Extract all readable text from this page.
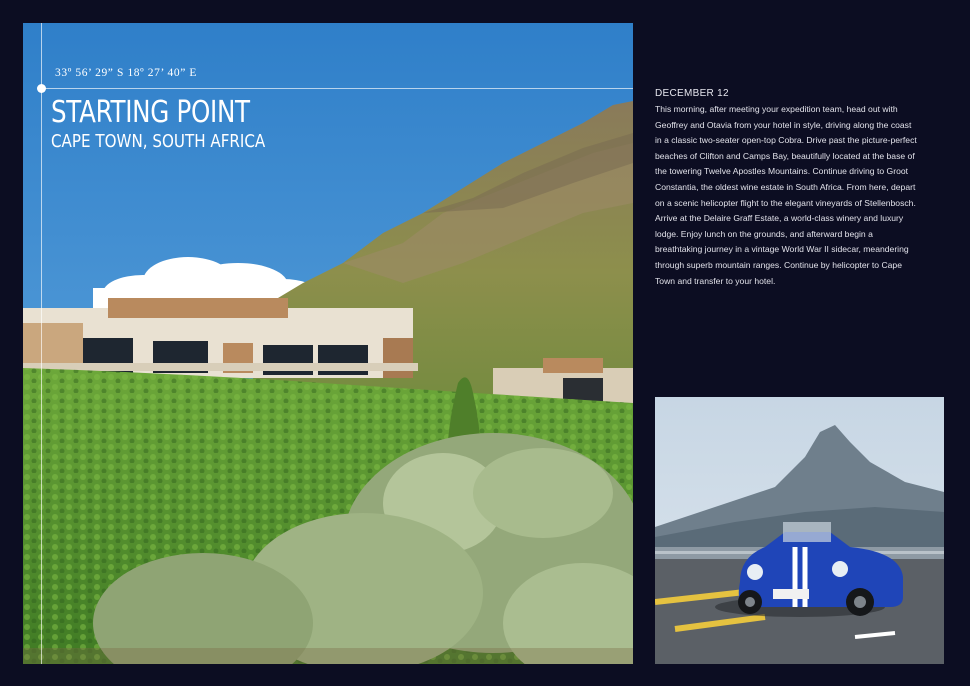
33º 56’ 29” S 18º 27’ 40” E
STARTING POINT
CAPE TOWN, SOUTH AFRICA
DECEMBER 12
This morning, after meeting your expedition team, head out with Geoffrey and Otavia from your hotel in style, driving along the coast in a classic two-seater open-top Cobra. Drive past the picture-perfect beaches of Clifton and Camps Bay, beautifully located at the base of the towering Twelve Apostles Mountains. Continue driving to Groot Constantia, the oldest wine estate in South Africa. From here, depart on a scenic helicopter flight to the elegant vineyards of Stellenbosch. Arrive at the Delaire Graff Estate, a world-class winery and luxury lodge. Enjoy lunch on the grounds, and afterward begin a breathtaking journey in a vintage World War II sidecar, meandering through superb mountain ranges. Continue by helicopter to Cape Town and transfer to your hotel.
